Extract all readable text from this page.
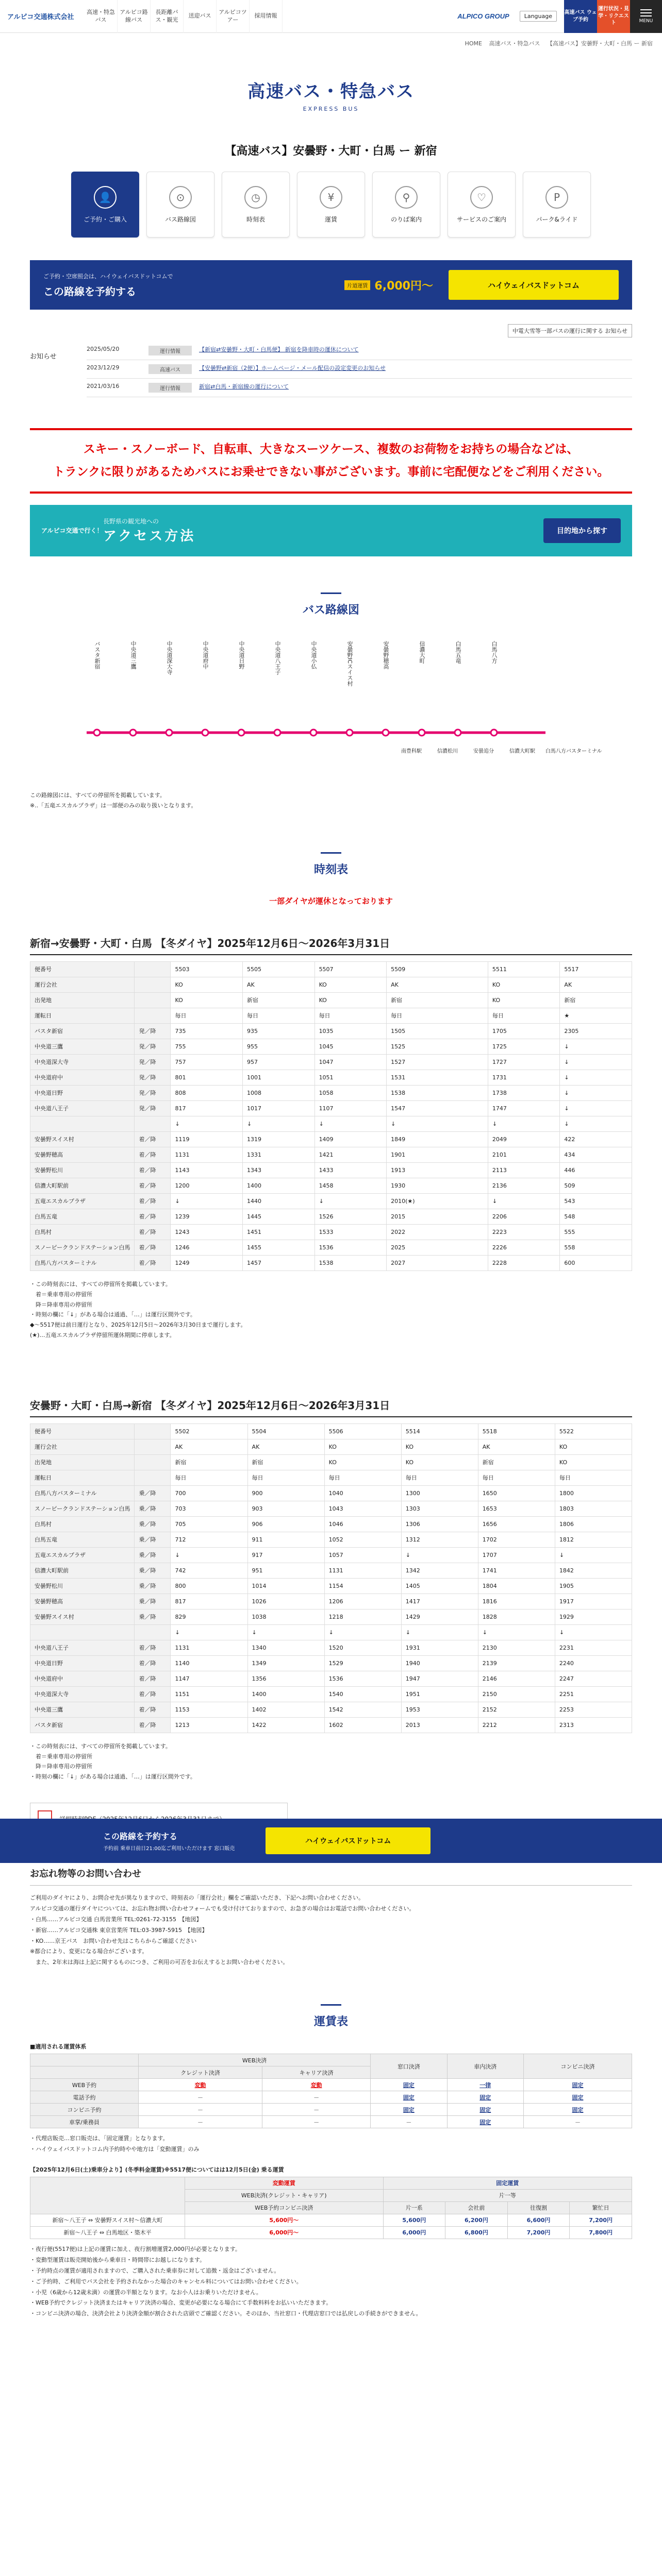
アルピコ交通株式会社
高速・特急バス
アルピコ路線バス
長距離バス・観光
送迎バス
アルピコツアー
採用情報	ALPICO GROUP	Language
高速バス ウェブ予約
運行状況・見学・リクエスト	MENU
HOME 高速バス・特急バス 【高速バス】安曇野・大町・白馬 ー 新宿
高速バス・特急バス
EXPRESS BUS
【高速バス】安曇野・大町・白馬 ー 新宿
👤
ご予約・ご購入
⊙
バス路線図
◷
時刻表
¥
運賃
⚲
のりば案内
♡
サービスのご案内
P
パーク&ライド
ご予約・空席照会は、ハイウェイバスドットコムで
この路線を予約する	片道運賃 6,000円〜	ハイウェイバスドットコム
お知らせ
中電大雪等一部バスの運行に関する お知らせ
2025/05/20	運行情報	【新宿⇄安曇野・大町・白馬便】 新宿を降車時の運休について
2023/12/29	高速バス	【安曇野⇄新宿（2便）】ホームページ・メール配信の設定変更のお知らせ
2021/03/16	運行情報	新宿⇄白馬・新宿線の運行について
スキー・スノーボード、自転車、大きなスーツケース、複数のお荷物をお持ちの場合などは、
トランクに限りがあるためバスにお乗せできない事がございます。事前に宅配便などをご利用ください。
アルピコ交通で行く！
長野県の観光地への
アクセス方法	目的地から探す
バス路線図
バスタ新宿	中央道三鷹	中央道深大寺	中央道府中	中央道日野	中央道八王子	中央道小仏	安曇野ICスイス村	安曇野穂高	信濃大町	白馬五竜	白馬八方
南豊科駅	信濃松川	安曇追分	信濃大町駅 白馬八方バスターミナル
この路線図には、すべての停留所を掲載しています。
※..「五竜エスカルプラザ」は一部便のみの取り扱いとなります。
時刻表
一部ダイヤが運休となっております
新宿→安曇野・大町・白馬 【冬ダイヤ】2025年12月6日〜2026年3月31日
便番号		5503	5505	5507	5509	5511	5517
運行会社		KO	AK	KO	AK	KO	AK
出発地		KO	新宿	KO	新宿	KO	新宿
運転日		毎日	毎日	毎日	毎日	毎日	★
バスタ新宿	発／降	735	935	1035	1505	1705	2305
中央道三鷹	発／降	755	955	1045	1525	1725	↓
中央道深大寺	発／降	757	957	1047	1527	1727	↓
中央道府中	発／降	801	1001	1051	1531	1731	↓
中央道日野	発／降	808	1008	1058	1538	1738	↓
中央道八王子	発／降	817	1017	1107	1547	1747	↓
		↓	↓	↓	↓	↓	↓
安曇野スイス村	着／降	1119	1319	1409	1849	2049	422
安曇野穂高	着／降	1131	1331	1421	1901	2101	434
安曇野松川	着／降	1143	1343	1433	1913	2113	446
信濃大町駅前	着／降	1200	1400	1458	1930	2136	509
五竜エスカルプラザ	着／降	↓	1440	↓	2010(★)	↓	543
白馬五竜	着／降	1239	1445	1526	2015	2206	548
白馬村	着／降	1243	1451	1533	2022	2223	555
スノーピークランドステーション白馬	着／降	1246	1455	1536	2025	2226	558
白馬八方バスターミナル	着／降	1249	1457	1538	2027	2228	600
・この時刻表には、すべての停留所を掲載しています。
　着＝乗車専用の停留所
　降＝降車専用の停留所
・時刻の欄に「↓」がある場合は通過、「…」は運行区間外です。
◆～5517便は前日運行となり、2025年12月5日〜2026年3月30日まで運行します。
(★)…五竜エスカルプラザ停留所運休期間に停車します。
安曇野・大町・白馬→新宿 【冬ダイヤ】2025年12月6日〜2026年3月31日
便番号		5502	5504	5506	5514	5518	5522
運行会社		AK	AK	KO	KO	AK	KO
出発地		新宿	新宿	KO	KO	新宿	KO
運転日		毎日	毎日	毎日	毎日	毎日	毎日
白馬八方バスターミナル	乗／降	700	900	1040	1300	1650	1800
スノーピークランドステーション白馬	乗／降	703	903	1043	1303	1653	1803
白馬村	乗／降	705	906	1046	1306	1656	1806
白馬五竜	乗／降	712	911	1052	1312	1702	1812
五竜エスカルプラザ	乗／降	↓	917	1057	↓	1707	↓
信濃大町駅前	乗／降	742	951	1131	1342	1741	1842
安曇野松川	乗／降	800	1014	1154	1405	1804	1905
安曇野穂高	乗／降	817	1026	1206	1417	1816	1917
安曇野スイス村	乗／降	829	1038	1218	1429	1828	1929
		↓	↓	↓	↓	↓	↓
中央道八王子	着／降	1131	1340	1520	1931	2130	2231
中央道日野	着／降	1140	1349	1529	1940	2139	2240
中央道府中	着／降	1147	1356	1536	1947	2146	2247
中央道深大寺	着／降	1151	1400	1540	1951	2150	2251
中央道三鷹	着／降	1153	1402	1542	1953	2152	2253
バスタ新宿	着／降	1213	1422	1602	2013	2212	2313
・この時刻表には、すべての停留所を掲載しています。
　着＝乗車専用の停留所
　降＝降車専用の停留所
・時刻の欄に「↓」がある場合は通過、「…」は運行区間外です。
お忘れ物等のお問い合わせ

ご利用のダイヤにより、お問合せ先が異なりますので、時刻表の「運行会社」欄をご確認いただき、下記へお問い合わせください。

アルピコ交通の運行ダイヤについては、お忘れ物お問い合わせフォームでも受け付けておりますので、お急ぎの場合はお電話でお問い合わせください。

・白馬……アルピコ交通 白馬営業所 TEL:0261-72-3155　【地図】

・新宿……アルピコ交通株 東京営業所 TEL:03-3987-5915　【地図】

・KO……京王バス　お問い合わせ先はこちらからご確認ください

※都合により、変更になる場合がございます。

　また、2年末は海は上記に関するものにつき、ご利用の可否をお伝えするとお問い合わせください。

運賃表
■適用される運賃体系
	WEB決済		窓口決済	車内決済	コンビニ決済
	クレジット決済	キャリア決済			
WEB予約	変動	変動	固定	一律	固定
電話予約	－	－	固定	固定	固定
コンビニ予約	－	－	固定	固定	固定
車掌/乗務員	－	－	－	固定	－
・代理店販売…窓口販売は、「固定運賃」となります。
・ハイウェイバスドットコム内予約時やや地方は「変動運賃」のみ
【2025年12月6日(土)乗車分より】(冬季料金運賃)※5517便についてはは12月5日(金) 乗る運賃
	変動運賃	固定運賃			
	WEB決済(クレジット・キャリア)	片一等			
	WEB予約コンビニ決済	片一系	会社前	往復割	繁忙日
新宿〜八王子 ⇔ 安曇野スイス村〜信濃大町	5,600円〜	5,600円	6,200円	6,600円	7,200円
新宿〜八王子 ⇔ 白馬地区・築木平	6,000円〜	6,000円	6,800円	7,200円	7,800円
・夜行便(5517便)は上記の運賃に加え、夜行割増運賃2,000円が必要となります。
・変動型運賃は販売開始後から乗車日・時間帯にお越しになります。
・予約時点の運賃が適用されますので、ご購入された乗車券に対して追徴・返金はございません。
・ご予約時、ご利用でバス会社を予約されなかった場合のキャンセル料についてはお問い合わせください。
・小児（6歳から12歳未満）の運賃の半額となります。なお小人はお乗りいただけません。
・WEB予約でクレジット決済またはキャリア決済の場合、変更が必要になる場合にて手数料料をお払いいただきます。
・コンビニ決済の場合、決済会社より決済金額が割合された店頭でご確認ください。そのほか、当社窓口・代理店窓口では払戻しの手続きができません。
この路線を予約する
予約前 乗車日前日21:00迄ご利用いただけます 窓口販売
ハイウェイバスドットコム
